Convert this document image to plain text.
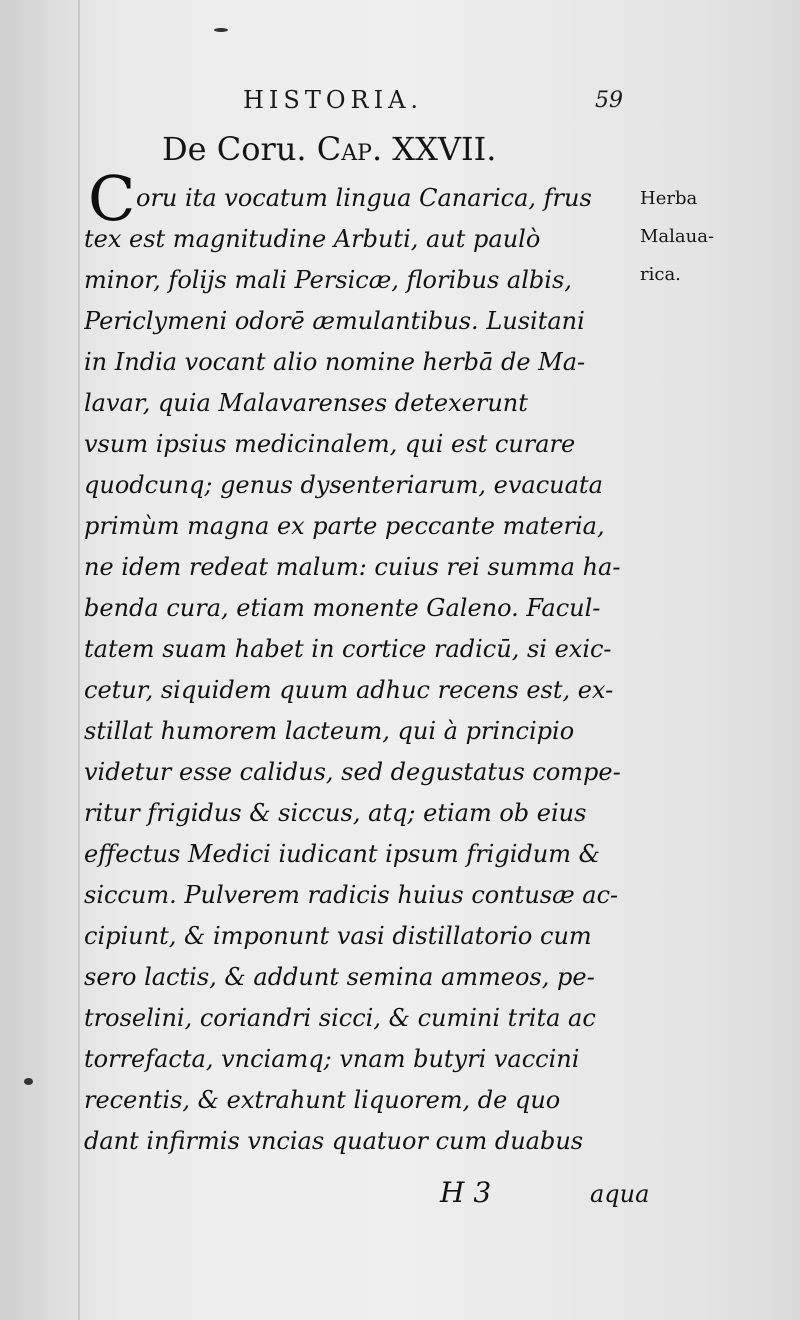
HISTORIA.	59
De Coru. Cap. XXVII.
C oru ita vocatum lingua Canarica, frus
tex est magnitudine Arbuti, aut paulò
minor, folijs mali Persicæ, floribus albis,
Periclymeni odorē æmulantibus. Lusitani
in India vocant alio nomine herbā de Ma-
lavar, quia Malavarenses detexerunt
vsum ipsius medicinalem, qui est curare
quodcunq; genus dysenteriarum, evacuata
primùm magna ex parte peccante materia,
ne idem redeat malum: cuius rei summa ha-
benda cura, etiam monente Galeno. Facul-
tatem suam habet in cortice radicū, si exic-
cetur, siquidem quum adhuc recens est, ex-
stillat humorem lacteum, qui à principio
videtur esse calidus, sed degustatus compe-
ritur frigidus & siccus, atq; etiam ob eius
effectus Medici iudicant ipsum frigidum &
siccum. Pulverem radicis huius contusæ ac-
cipiunt, & imponunt vasi distillatorio cum
sero lactis, & addunt semina ammeos, pe-
troselini, coriandri sicci, & cumini trita ac
torrefacta, vnciamq; vnam butyri vaccini
recentis, & extrahunt liquorem, de quo
dant infirmis vncias quatuor cum duabus
Herba
Malaua-
rica.
H 3	aqua
